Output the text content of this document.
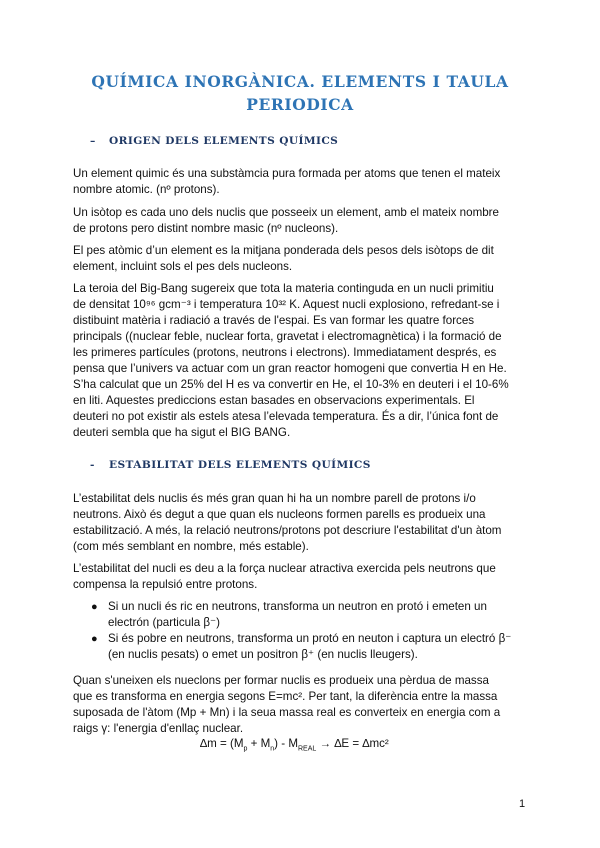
QUÍMICA INORGÀNICA. ELEMENTS I TAULA
PERIODICA
– ORIGEN DELS ELEMENTS QUÍMICS
Un element quimic és una substàmcia pura formada per atoms que tenen el mateix
nombre atomic. (nº protons).
Un isòtop es cada uno dels nuclis que posseeix un element, amb el mateix nombre
de protons pero distint nombre masic (nº nucleons).
El pes atòmic d’un element es la mitjana ponderada dels pesos dels isòtops de dit
element, incluint sols el pes dels nucleons.
La teroia del Big-Bang sugereix que tota la materia continguda en un nucli primitiu
de densitat 10⁹⁶ gcm⁻³ i temperatura 10³² K. Aquest nucli explosiono, refredant-se i
distibuint matèria i radiació a través de l'espai. Es van formar les quatre forces
principals ((nuclear feble, nuclear forta, gravetat i electromagnètica) i la formació de
les primeres partícules (protons, neutrons i electrons). Immediatament després, es
pensa que l’univers va actuar com un gran reactor homogeni que convertia H en He.
S’ha calculat que un 25% del H es va convertir en He, el 10-3% en deuteri i el 10-6%
en liti. Aquestes prediccions estan basades en observacions experimentals. El
deuteri no pot existir als estels atesa l’elevada temperatura. És a dir, l’única font de
deuteri sembla que ha sigut el BIG BANG.
- ESTABILITAT DELS ELEMENTS QUÍMICS
L’estabilitat dels nuclis és més gran quan hi ha un nombre parell de protons i/o
neutrons. Això és degut a que quan els nucleons formen parells es produeix una
estabilització. A més, la relació neutrons/protons pot descriure l'estabilitat d'un àtom
(com més semblant en nombre, més estable).
L’estabilitat del nucli es deu a la força nuclear atractiva exercida pels neutrons que
compensa la repulsió entre protons.
● Si un nucli és ric en neutrons, transforma un neutron en protó i emeten un
electrón (particula β⁻)
● Si és pobre en neutrons, transforma un protó en neuton i captura un electró β⁻
(en nuclis pesats) o emet un positron β⁺ (en nuclis lleugers).
Quan s'uneixen els nueclons per formar nuclis es produeix una pèrdua de massa
que es transforma en energia segons E=mc². Per tant, la diferència entre la massa
suposada de l'àtom (Mp + Mn) i la seua massa real es converteix en energia com a
raigs γ: l'energia d'enllaç nuclear.
$\Delta m = (M_p + M_n) - M_{REAL} \to \Delta E = \Delta mc^2$
1
